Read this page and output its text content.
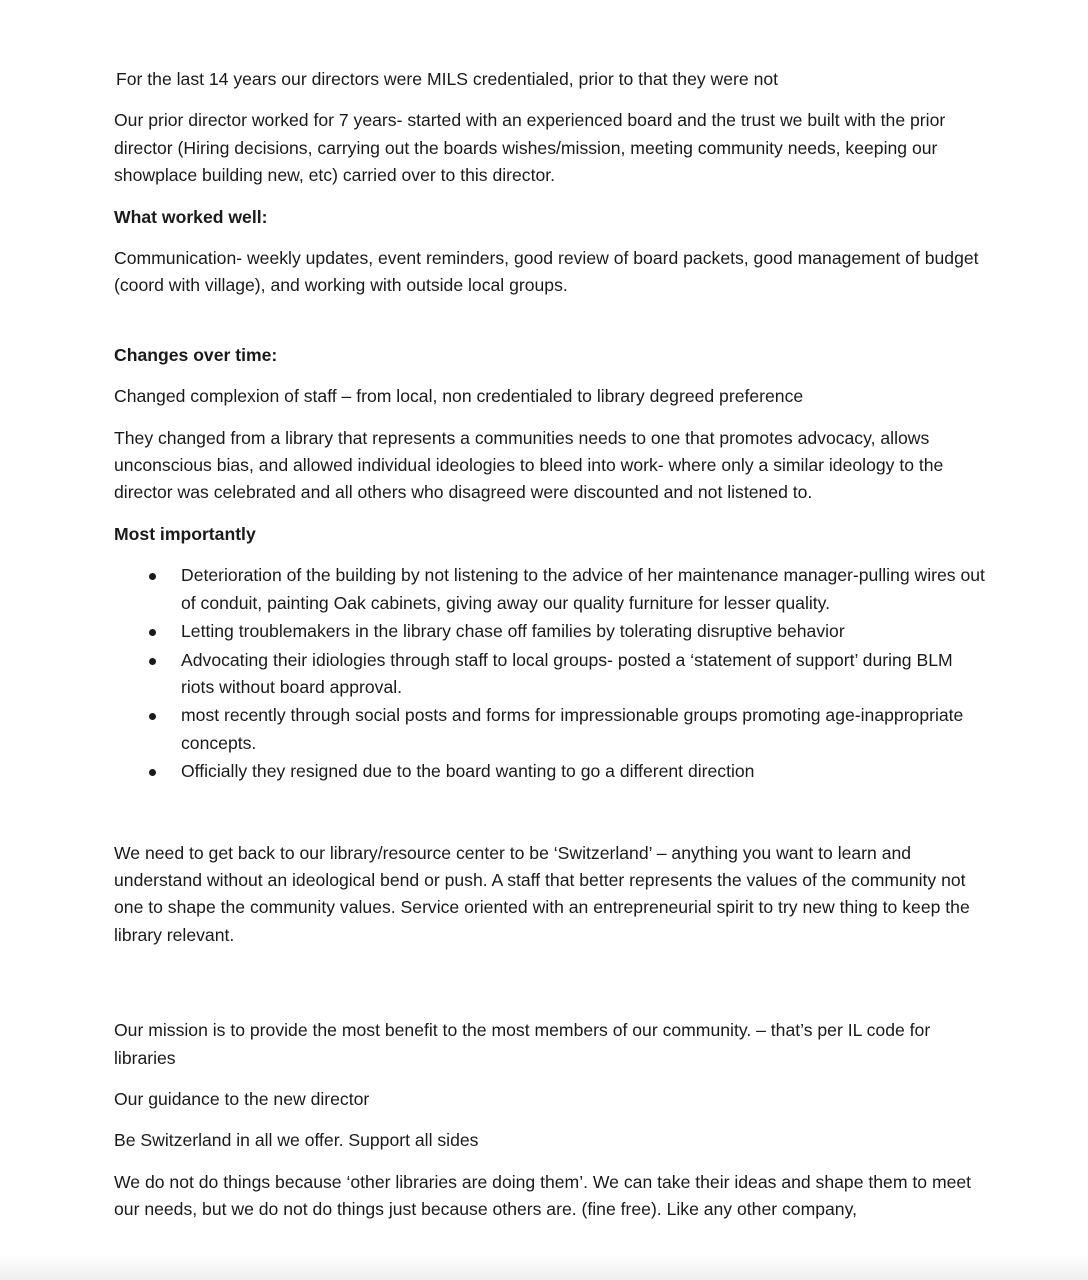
For the last 14 years our directors were MILS credentialed, prior to that they were not

Our prior director worked for 7 years- started with an experienced board and the trust we built with the prior director (Hiring decisions, carrying out the boards wishes/mission, meeting community needs, keeping our showplace building new, etc) carried over to this director.

What worked well:

Communication- weekly updates, event reminders, good review of board packets, good management of budget (coord with village), and working with outside local groups.

Changes over time:

Changed complexion of staff – from local, non credentialed to library degreed preference

They changed from a library that represents a communities needs to one that promotes advocacy, allows unconscious bias, and allowed individual ideologies to bleed into work- where only a similar ideology to the director was celebrated and all others who disagreed were discounted and not listened to.

Most importantly

Deterioration of the building by not listening to the advice of her maintenance manager-pulling wires out of conduit, painting Oak cabinets, giving away our quality furniture for lesser quality.
Letting troublemakers in the library chase off families by tolerating disruptive behavior
Advocating their idiologies through staff to local groups- posted a ‘statement of support’ during BLM riots without board approval.
most recently through social posts and forms for impressionable groups promoting age-inappropriate concepts.
Officially they resigned due to the board wanting to go a different direction

We need to get back to our library/resource center to be ‘Switzerland’ – anything you want to learn and understand without an ideological bend or push. A staff that better represents the values of the community not one to shape the community values. Service oriented with an entrepreneurial spirit to try new thing to keep the library relevant.

Our mission is to provide the most benefit to the most members of our community. – that’s per IL code for libraries

Our guidance to the new director

Be Switzerland in all we offer. Support all sides

We do not do things because ‘other libraries are doing them’. We can take their ideas and shape them to meet our needs, but we do not do things just because others are. (fine free). Like any other company,
